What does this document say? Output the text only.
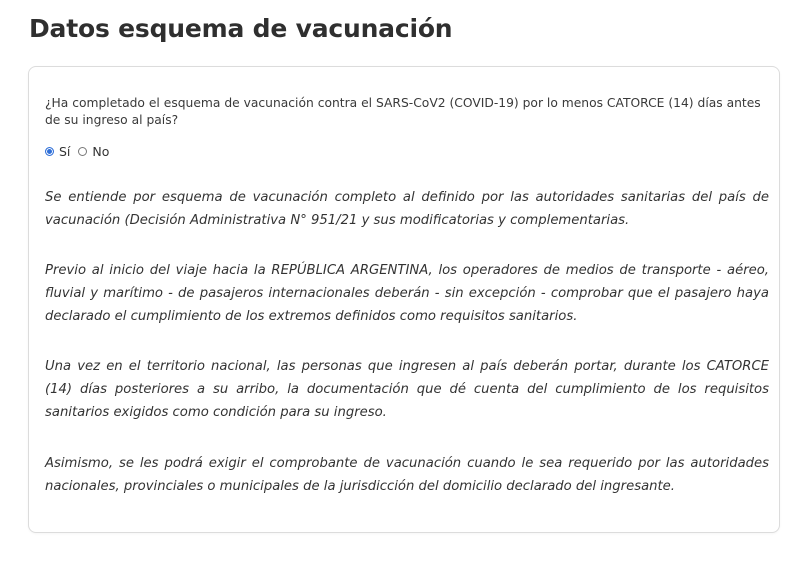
Datos esquema de vacunación

¿Ha completado el esquema de vacunación contra el SARS-CoV2 (COVID-19) por lo menos CATORCE (14) días antes de su ingreso al país?

Sí No

Se entiende por esquema de vacunación completo al definido por las autoridades sanitarias del país de vacunación (Decisión Administrativa N° 951/21 y sus modificatorias y complementarias.

Previo al inicio del viaje hacia la REPÚBLICA ARGENTINA, los operadores de medios de transporte - aéreo, fluvial y marítimo - de pasajeros internacionales deberán - sin excepción - comprobar que el pasajero haya declarado el cumplimiento de los extremos definidos como requisitos sanitarios.

Una vez en el territorio nacional, las personas que ingresen al país deberán portar, durante los CATORCE (14) días posteriores a su arribo, la documentación que dé cuenta del cumplimiento de los requisitos sanitarios exigidos como condición para su ingreso.

Asimismo, se les podrá exigir el comprobante de vacunación cuando le sea requerido por las autoridades nacionales, provinciales o municipales de la jurisdicción del domicilio declarado del ingresante.
